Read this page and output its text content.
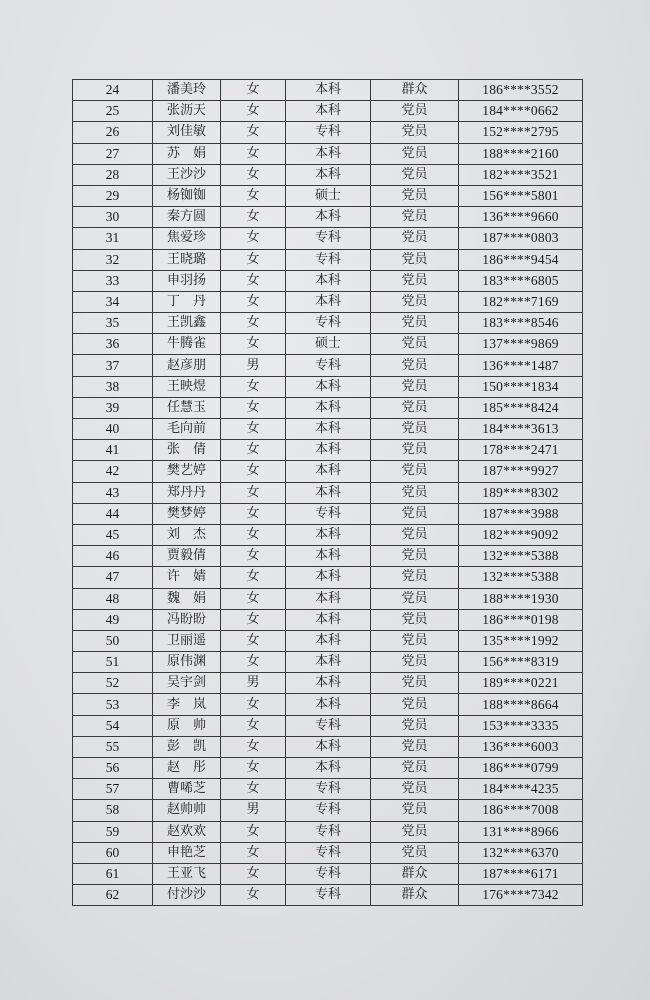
24	潘美玲	女	本科	群众	186****3552
25	张沥天	女	本科	党员	184****0662
26	刘佳敏	女	专科	党员	152****2795
27	苏　娟	女	本科	党员	188****2160
28	王沙沙	女	本科	党员	182****3521
29	杨铷铷	女	硕士	党员	156****5801
30	秦方圆	女	本科	党员	136****9660
31	焦爱珍	女	专科	党员	187****0803
32	王晓璐	女	专科	党员	186****9454
33	申羽扬	女	本科	党员	183****6805
34	丁　丹	女	本科	党员	182****7169
35	王凯鑫	女	专科	党员	183****8546
36	牛腾雀	女	硕士	党员	137****9869
37	赵彦朋	男	专科	党员	136****1487
38	王映煜	女	本科	党员	150****1834
39	任慧玉	女	本科	党员	185****8424
40	毛向前	女	本科	党员	184****3613
41	张　倩	女	本科	党员	178****2471
42	樊艺婷	女	本科	党员	187****9927
43	郑丹丹	女	本科	党员	189****8302
44	樊梦婷	女	专科	党员	187****3988
45	刘　杰	女	本科	党员	182****9092
46	贾毅倩	女	本科	党员	132****5388
47	许　婧	女	本科	党员	132****5388
48	魏　娟	女	本科	党员	188****1930
49	冯盼盼	女	本科	党员	186****0198
50	卫丽遥	女	本科	党员	135****1992
51	原伟渊	女	本科	党员	156****8319
52	吴宇剑	男	本科	党员	189****0221
53	李　岚	女	本科	党员	188****8664
54	原　帅	女	专科	党员	153****3335
55	彭　凯	女	本科	党员	136****6003
56	赵　彤	女	本科	党员	186****0799
57	曹唏芝	女	专科	党员	184****4235
58	赵帅帅	男	专科	党员	186****7008
59	赵欢欢	女	专科	党员	131****8966
60	申艳芝	女	专科	党员	132****6370
61	王亚飞	女	专科	群众	187****6171
62	付沙沙	女	专科	群众	176****7342
